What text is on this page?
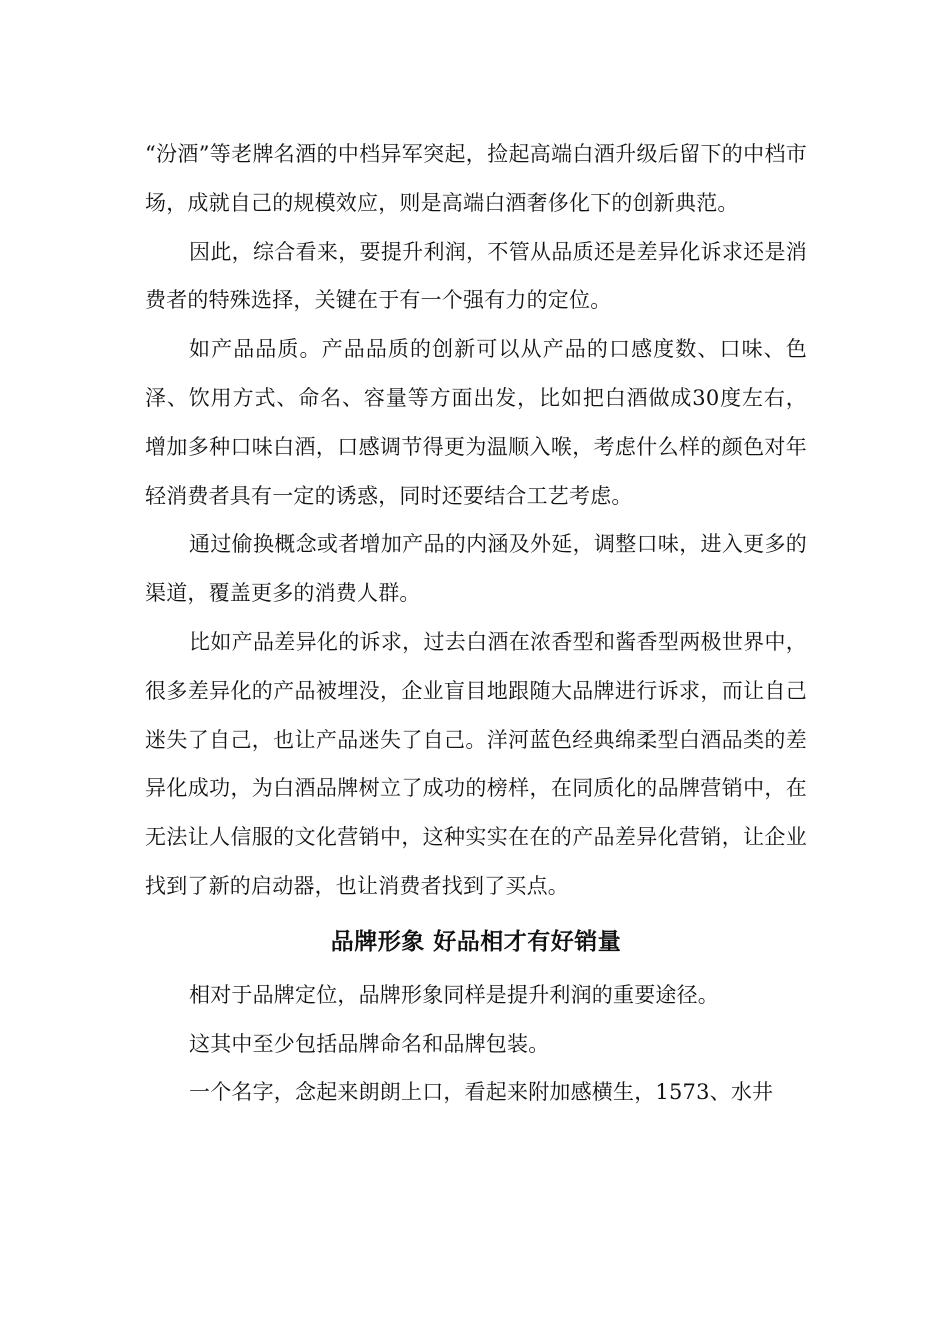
“汾酒”等老牌名酒的中档异军突起，捡起高端白酒升级后留下的中档市场，成就自己的规模效应，则是高端白酒奢侈化下的创新典范。

因此，综合看来，要提升利润，不管从品质还是差异化诉求还是消费者的特殊选择，关键在于有一个强有力的定位。

如产品品质。产品品质的创新可以从产品的口感度数、口味、色泽、饮用方式、命名、容量等方面出发，比如把白酒做成30度左右，增加多种口味白酒，口感调节得更为温顺入喉，考虑什么样的颜色对年轻消费者具有一定的诱惑，同时还要结合工艺考虑。

通过偷换概念或者增加产品的内涵及外延，调整口味，进入更多的渠道，覆盖更多的消费人群。

比如产品差异化的诉求，过去白酒在浓香型和酱香型两极世界中，很多差异化的产品被埋没，企业盲目地跟随大品牌进行诉求，而让自己迷失了自己，也让产品迷失了自己。洋河蓝色经典绵柔型白酒品类的差异化成功，为白酒品牌树立了成功的榜样，在同质化的品牌营销中，在无法让人信服的文化营销中，这种实实在在的产品差异化营销，让企业找到了新的启动器，也让消费者找到了买点。

品牌形象 好品相才有好销量

相对于品牌定位，品牌形象同样是提升利润的重要途径。

这其中至少包括品牌命名和品牌包装。

一个名字，念起来朗朗上口，看起来附加感横生，1573、水井
